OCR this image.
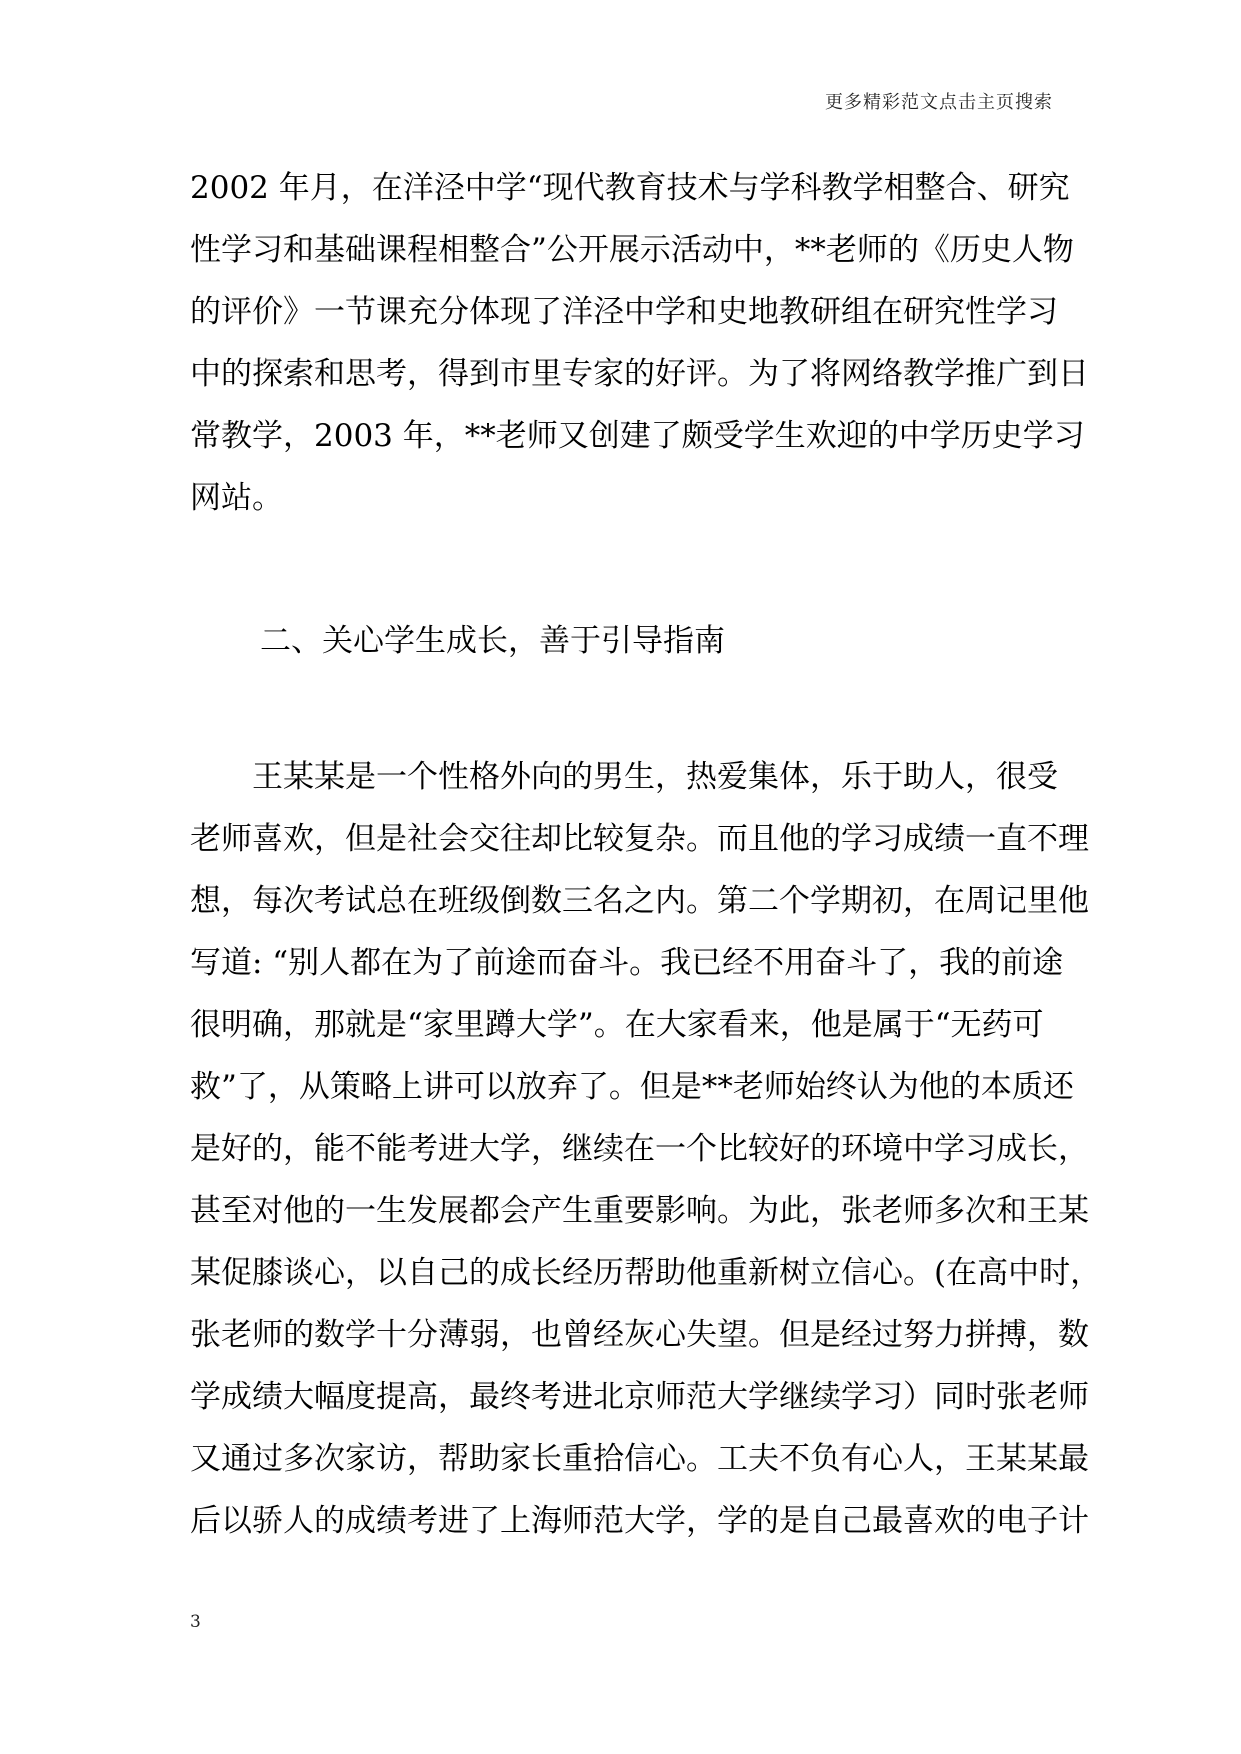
更多精彩范文点击主页搜索
2002 年月，在洋泾中学“现代教育技术与学科教学相整合、研究
性学习和基础课程相整合”公开展示活动中，**老师的《历史人物
的评价》一节课充分体现了洋泾中学和史地教研组在研究性学习
中的探索和思考，得到市里专家的好评。为了将网络教学推广到日
常教学，2003 年，**老师又创建了颇受学生欢迎的中学历史学习
网站。
二、关心学生成长，善于引导指南
　　王某某是一个性格外向的男生，热爱集体，乐于助人，很受
老师喜欢，但是社会交往却比较复杂。而且他的学习成绩一直不理
想，每次考试总在班级倒数三名之内。第二个学期初，在周记里他
写道: “别人都在为了前途而奋斗。我已经不用奋斗了，我的前途
很明确，那就是“家里蹲大学”。在大家看来，他是属于“无药可
救”了，从策略上讲可以放弃了。但是**老师始终认为他的本质还
是好的，能不能考进大学，继续在一个比较好的环境中学习成长，
甚至对他的一生发展都会产生重要影响。为此，张老师多次和王某
某促膝谈心，以自己的成长经历帮助他重新树立信心。(在高中时，
张老师的数学十分薄弱，也曾经灰心失望。但是经过努力拼搏，数
学成绩大幅度提高，最终考进北京师范大学继续学习）同时张老师
又通过多次家访，帮助家长重拾信心。工夫不负有心人，王某某最
后以骄人的成绩考进了上海师范大学，学的是自己最喜欢的电子计
3
